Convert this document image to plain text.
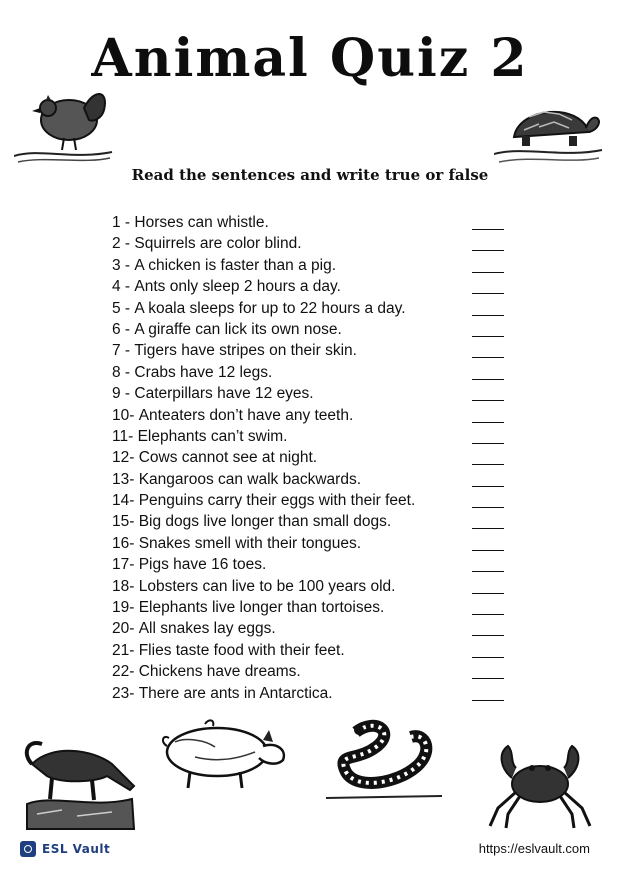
Animal Quiz 2
Read the sentences and write true or false
1 - Horses can whistle.
2 - Squirrels are color blind.
3 - A chicken is faster than a pig.
4 - Ants only sleep 2 hours a day.
5 - A koala sleeps for up to 22 hours a day.
6 - A giraffe can lick its own nose.
7 - Tigers have stripes on their skin.
8 - Crabs have 12 legs.
9 - Caterpillars have 12 eyes.
10- Anteaters don’t have any teeth.
11- Elephants can’t swim.
12- Cows cannot see at night.
13- Kangaroos can walk backwards.
14- Penguins carry their eggs with their feet.
15- Big dogs live longer than small dogs.
16- Snakes smell with their tongues.
17- Pigs have 16 toes.
18- Lobsters can live to be 100 years old.
19- Elephants live longer than tortoises.
20- All snakes lay eggs.
21- Flies taste food with their feet.
22- Chickens have dreams.
23- There are ants in Antarctica.
ESL Vault	https://eslvault.com
